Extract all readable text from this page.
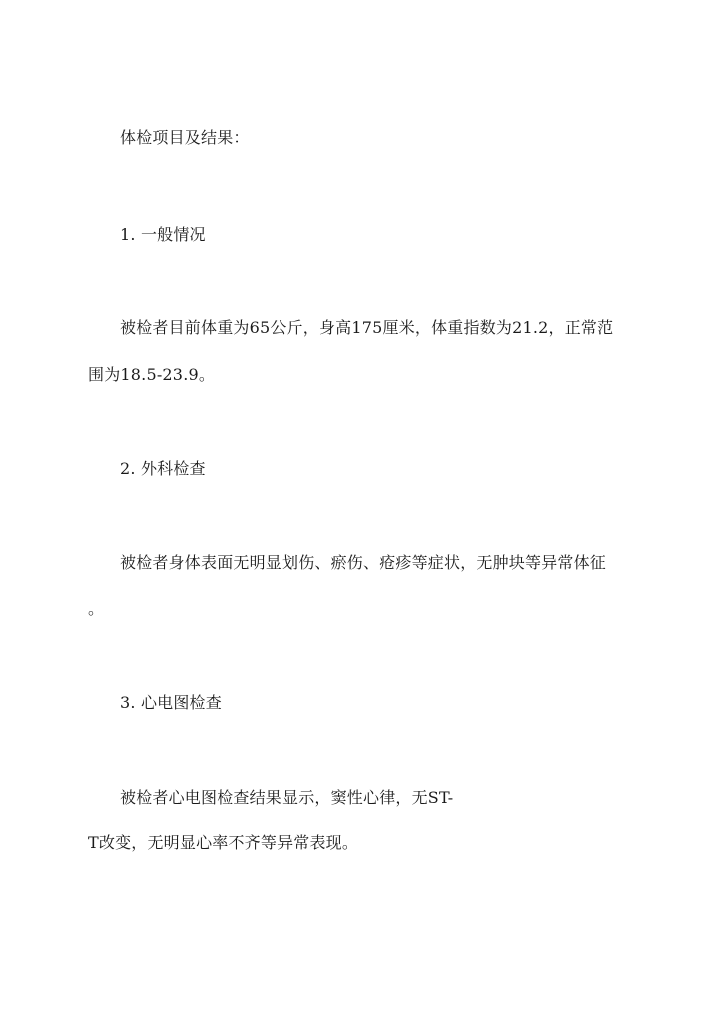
体检项目及结果：
1. 一般情况
被检者目前体重为65公斤，身高175厘米，体重指数为21.2，正常范
围为18.5-23.9。
2. 外科检查
被检者身体表面无明显划伤、瘀伤、疮疹等症状，无肿块等异常体征
。
3. 心电图检查
被检者心电图检查结果显示，窦性心律，无ST-
T改变，无明显心率不齐等异常表现。
